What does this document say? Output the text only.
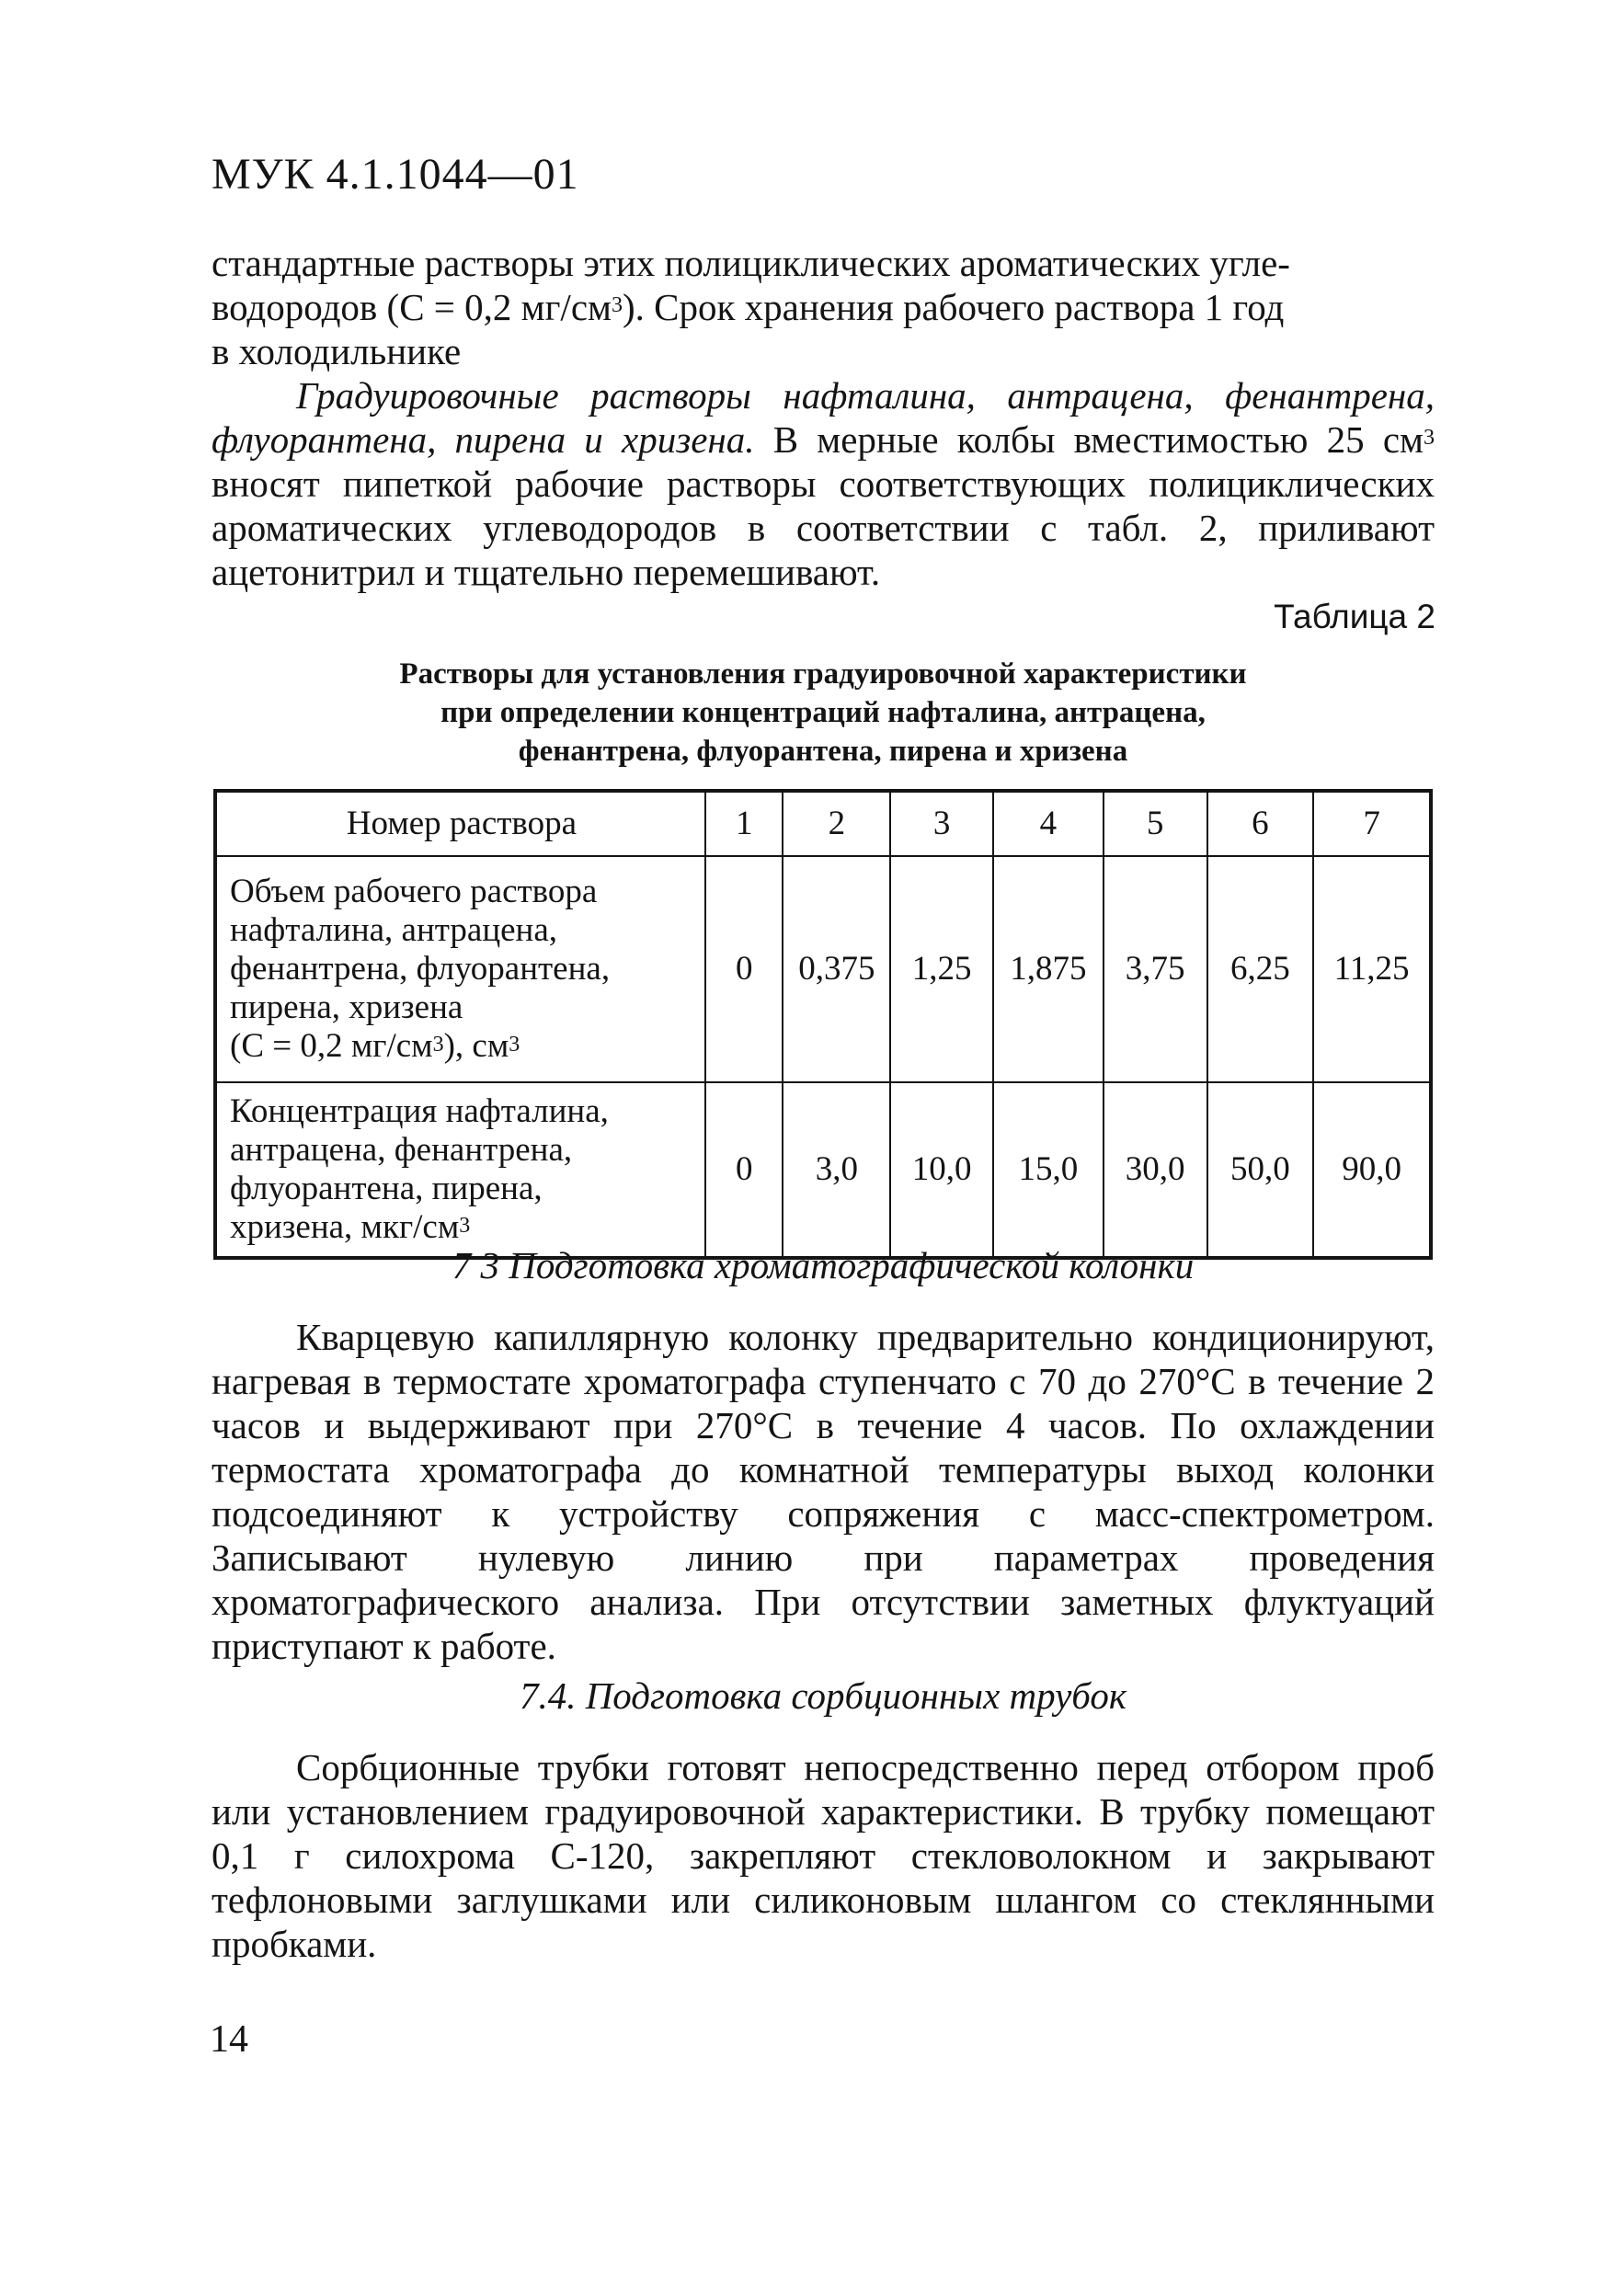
МУК 4.1.1044—01
стандартные растворы этих полициклических ароматических угле-
водородов (С = 0,2 $мг/см^3$). Срок хранения рабочего раствора 1 год
в холодильнике
Градуировочные растворы нафталина, антрацена, фенантрена, флуорантена, пирена и хризена. В мерные колбы вместимостью 25 $см^3$ вносят пипеткой рабочие растворы соответствующих полициклических ароматических углеводородов в соответствии с табл. 2, приливают ацетонитрил и тщательно перемешивают.
Таблица 2
Растворы для установления градуировочной характеристики
при определении концентраций нафталина, антрацена,
фенантрена, флуорантена, пирена и хризена
Номер раствора	1	2	3	4	5	6	7
Объем рабочего раствора
нафталина, антрацена,
фенантрена, флуорантена,
пирена, хризена
(С = 0,2 $мг/см^3$), $см^3$	0	0,375	1,25	1,875	3,75	6,25	11,25
Концентрация нафталина,
антрацена, фенантрена,
флуорантена, пирена,
хризена, мкг/$см^3$	0	3,0	10,0	15,0	30,0	50,0	90,0
7 3 Подготовка хроматографической колонки
Кварцевую капиллярную колонку предварительно кондиционируют, нагревая в термостате хроматографа ступенчато с 70 до 270°С в течение 2 часов и выдерживают при 270°С в течение 4 часов. По охлаждении термостата хроматографа до комнатной температуры выход колонки подсоединяют к устройству сопряжения с масс-спектрометром. Записывают нулевую линию при параметрах проведения хроматографического анализа. При отсутствии заметных флуктуаций приступают к работе.
7.4. Подготовка сорбционных трубок
Сорбционные трубки готовят непосредственно перед отбором проб или установлением градуировочной характеристики. В трубку помещают 0,1 г силохрома С-120, закрепляют стекловолокном и закрывают тефлоновыми заглушками или силиконовым шлангом со стеклянными пробками.
14
